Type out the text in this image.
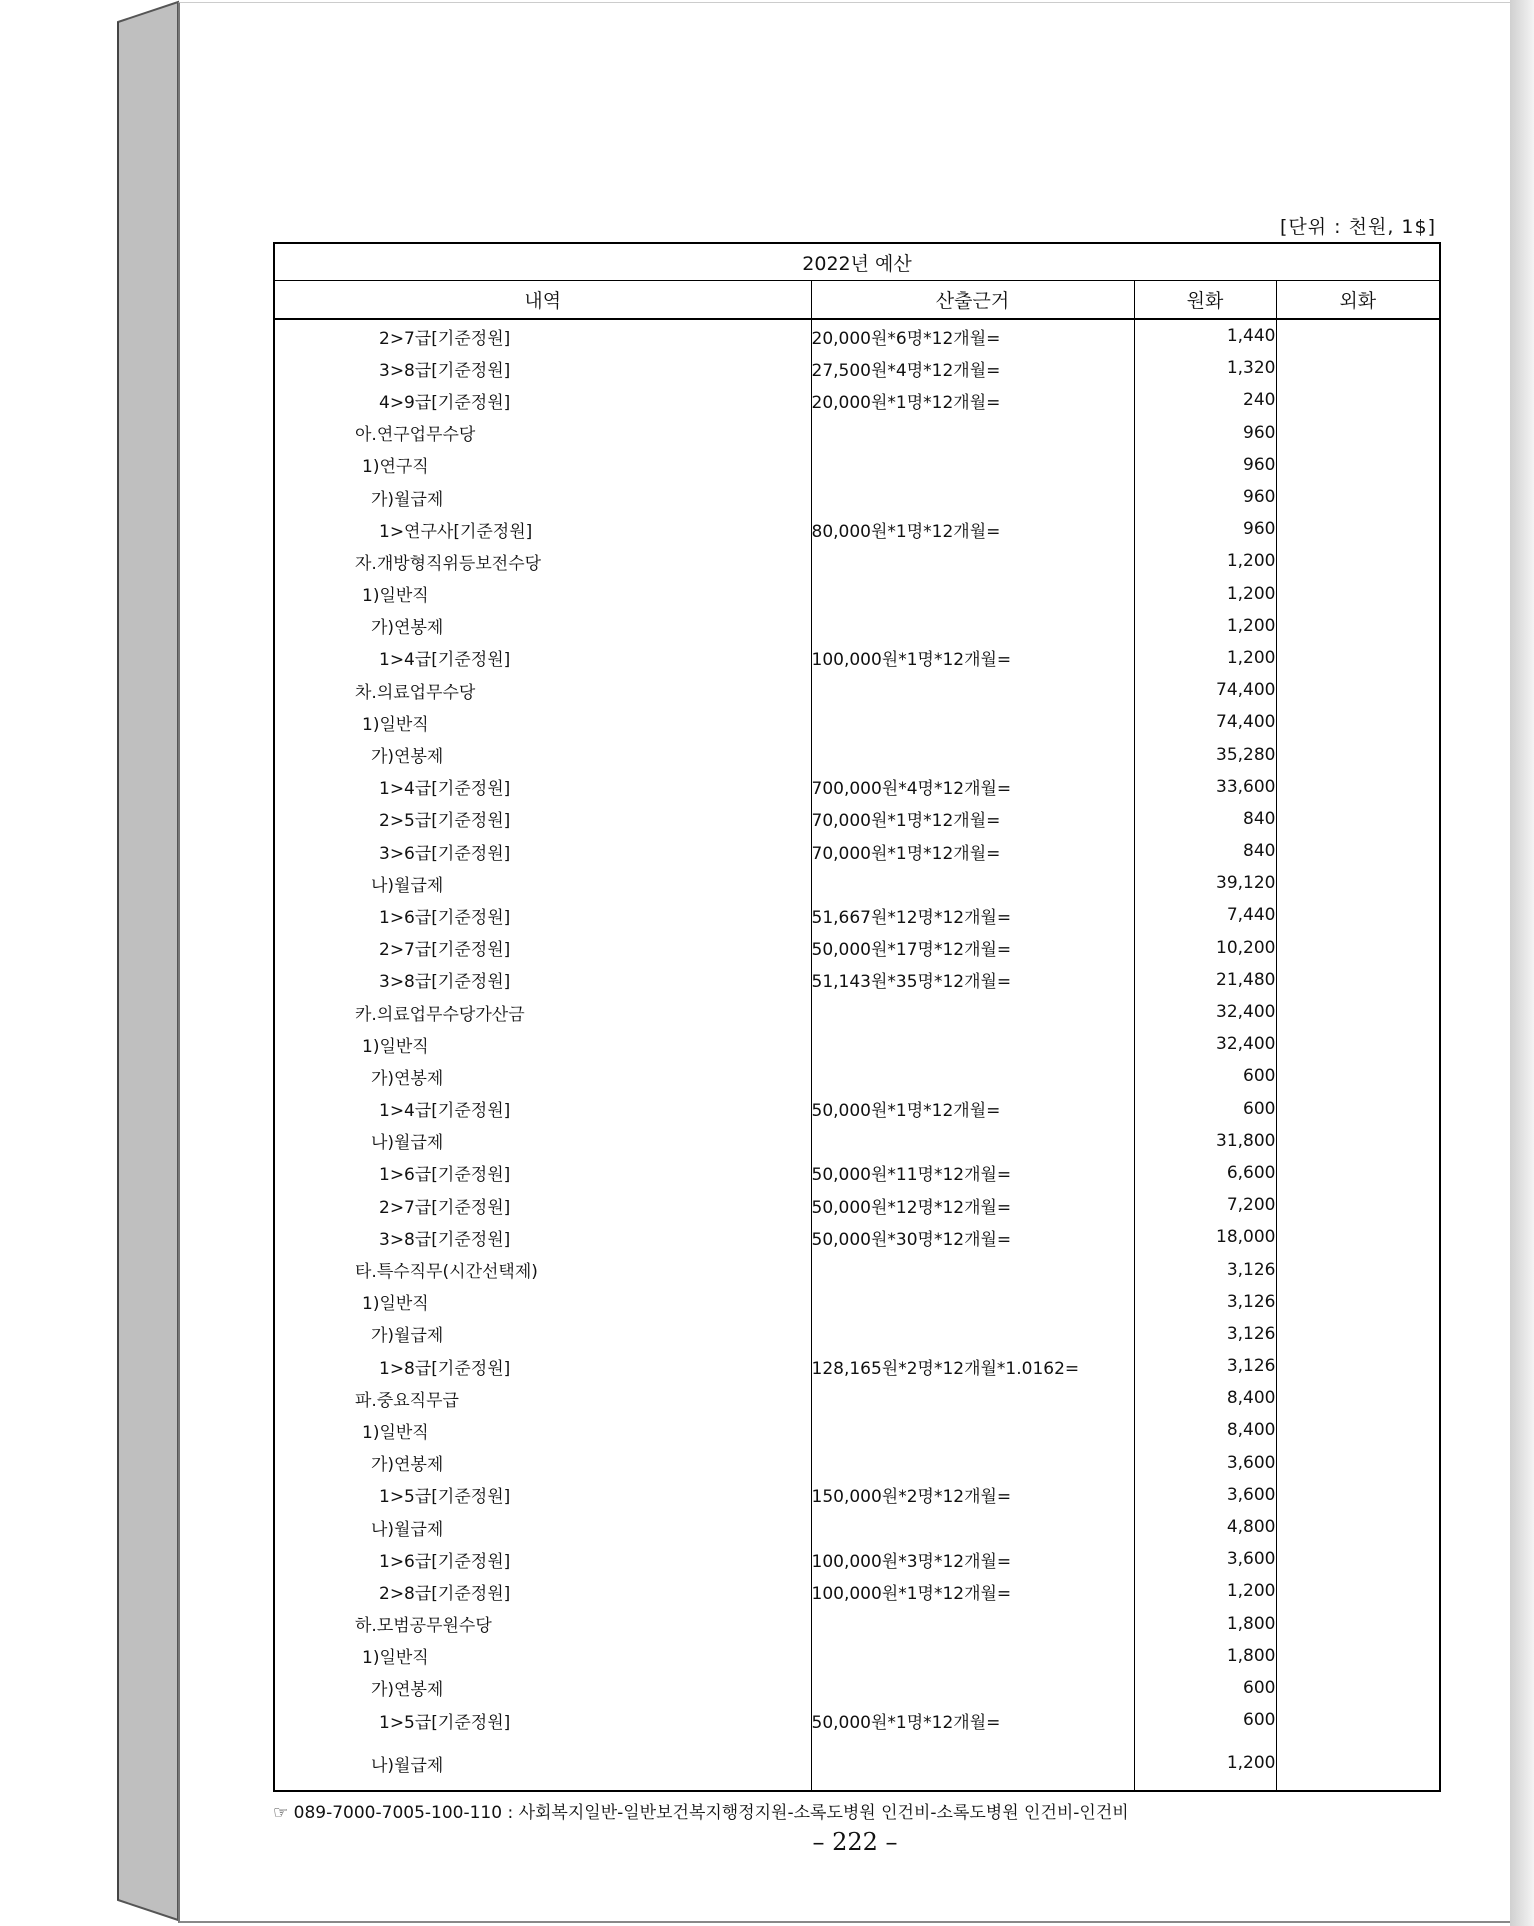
[단위 : 천원, 1$]
2022년 예산			
내역	산출근거	원화	외화
2>7급[기준정원]	20,000원*6명*12개월=	1,440	
3>8급[기준정원]	27,500원*4명*12개월=	1,320	
4>9급[기준정원]	20,000원*1명*12개월=	240	
아.연구업무수당		960	
1)연구직		960	
가)월급제		960	
1>연구사[기준정원]	80,000원*1명*12개월=	960	
자.개방형직위등보전수당		1,200	
1)일반직		1,200	
가)연봉제		1,200	
1>4급[기준정원]	100,000원*1명*12개월=	1,200	
차.의료업무수당		74,400	
1)일반직		74,400	
가)연봉제		35,280	
1>4급[기준정원]	700,000원*4명*12개월=	33,600	
2>5급[기준정원]	70,000원*1명*12개월=	840	
3>6급[기준정원]	70,000원*1명*12개월=	840	
나)월급제		39,120	
1>6급[기준정원]	51,667원*12명*12개월=	7,440	
2>7급[기준정원]	50,000원*17명*12개월=	10,200	
3>8급[기준정원]	51,143원*35명*12개월=	21,480	
카.의료업무수당가산금		32,400	
1)일반직		32,400	
가)연봉제		600	
1>4급[기준정원]	50,000원*1명*12개월=	600	
나)월급제		31,800	
1>6급[기준정원]	50,000원*11명*12개월=	6,600	
2>7급[기준정원]	50,000원*12명*12개월=	7,200	
3>8급[기준정원]	50,000원*30명*12개월=	18,000	
타.특수직무(시간선택제)		3,126	
1)일반직		3,126	
가)월급제		3,126	
1>8급[기준정원]	128,165원*2명*12개월*1.0162=	3,126	
파.중요직무급		8,400	
1)일반직		8,400	
가)연봉제		3,600	
1>5급[기준정원]	150,000원*2명*12개월=	3,600	
나)월급제		4,800	
1>6급[기준정원]	100,000원*3명*12개월=	3,600	
2>8급[기준정원]	100,000원*1명*12개월=	1,200	
하.모범공무원수당		1,800	
1)일반직		1,800	
가)연봉제		600	
1>5급[기준정원]	50,000원*1명*12개월=	600	
나)월급제		1,200	
☞ 089-7000-7005-100-110 : 사회복지일반-일반보건복지행정지원-소록도병원 인건비-소록도병원 인건비-인건비
– 222 –
